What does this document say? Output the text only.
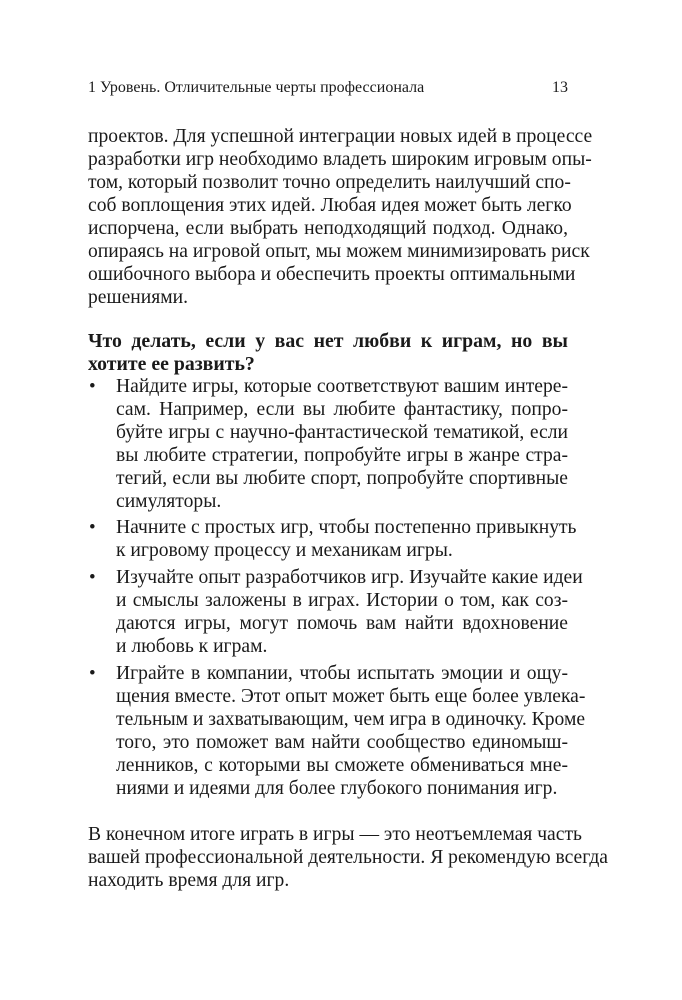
1 Уровень. Отличительные черты профессионала	13
проектов. Для успешной интеграции новых идей в процессе
разработки игр необходимо владеть широким игровым опы-
том, который позволит точно определить наилучший спо-
соб воплощения этих идей. Любая идея может быть легко
испорчена, если выбрать неподходящий подход. Однако,
опираясь на игровой опыт, мы можем минимизировать риск
ошибочного выбора и обеспечить проекты оптимальными
решениями.
Что делать, если у вас нет любви к играм, но вы
хотите ее развить?
• Найдите игры, которые соответствуют вашим интере-
сам. Например, если вы любите фантастику, попро-
буйте игры с научно-фантастической тематикой, если
вы любите стратегии, попробуйте игры в жанре стра-
тегий, если вы любите спорт, попробуйте спортивные
симуляторы.
• Начните с простых игр, чтобы постепенно привыкнуть
к игровому процессу и механикам игры.
• Изучайте опыт разработчиков игр. Изучайте какие идеи
и смыслы заложены в играх. Истории о том, как соз-
даются игры, могут помочь вам найти вдохновение
и любовь к играм.
• Играйте в компании, чтобы испытать эмоции и ощу-
щения вместе. Этот опыт может быть еще более увлека-
тельным и захватывающим, чем игра в одиночку. Кроме
того, это поможет вам найти сообщество единомыш-
ленников, с которыми вы сможете обмениваться мне-
ниями и идеями для более глубокого понимания игр.
В конечном итоге играть в игры — это неотъемлемая часть
вашей профессиональной деятельности. Я рекомендую всегда
находить время для игр.
